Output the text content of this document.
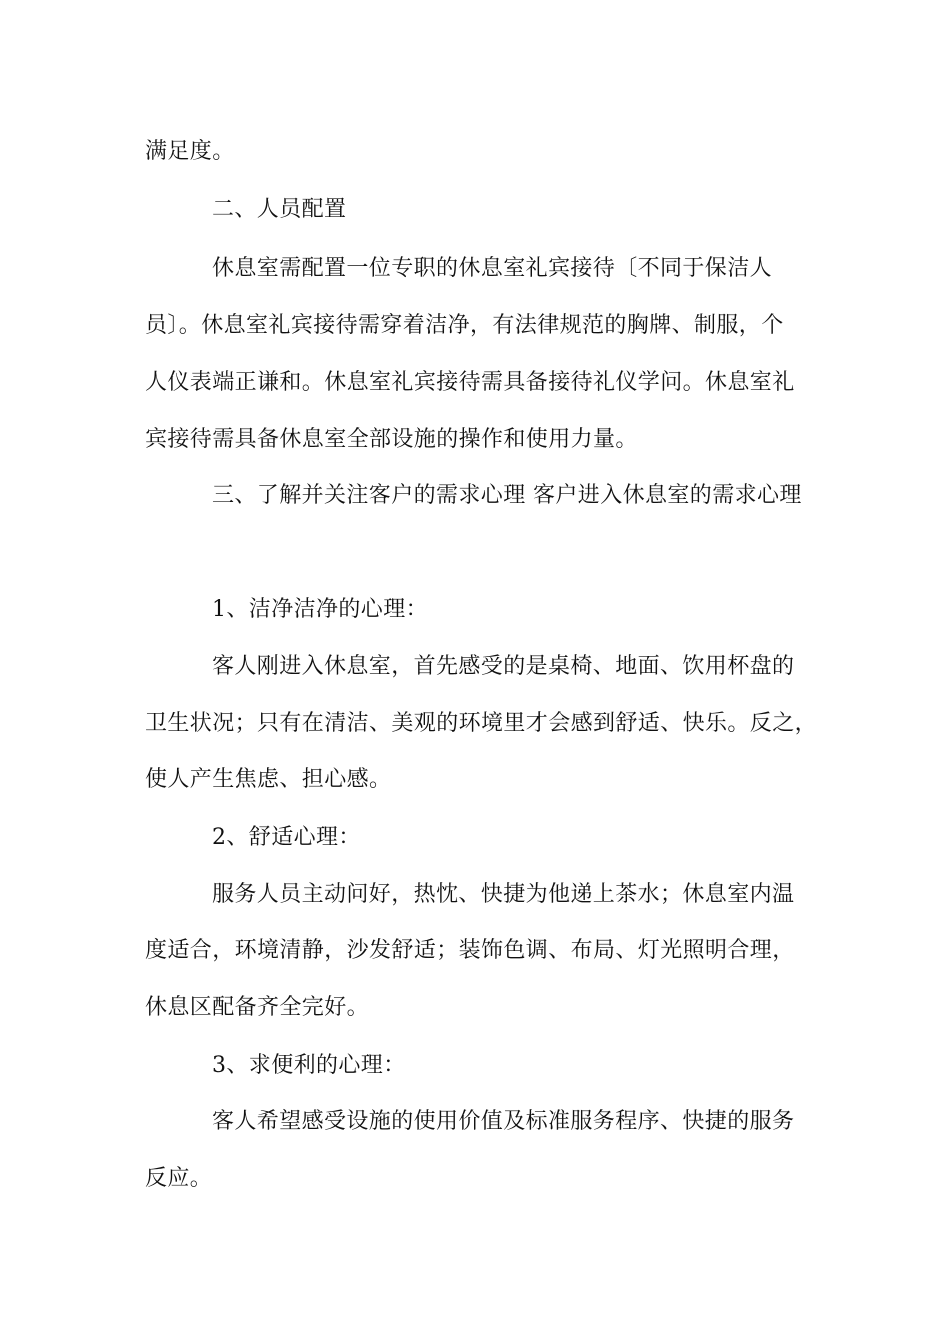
满足度。

二、人员配置

休息室需配置一位专职的休息室礼宾接待〔不同于保洁人

员〕。休息室礼宾接待需穿着洁净，有法律规范的胸牌、制服，个

人仪表端正谦和。休息室礼宾接待需具备接待礼仪学问。休息室礼

宾接待需具备休息室全部设施的操作和使用力量。

三、了解并关注客户的需求心理 客户进入休息室的需求心理

1、洁净洁净的心理：

客人刚进入休息室，首先感受的是桌椅、地面、饮用杯盘的

卫生状况；只有在清洁、美观的环境里才会感到舒适、快乐。反之，

使人产生焦虑、担心感。

2、舒适心理：

服务人员主动问好，热忱、快捷为他递上茶水；休息室内温

度适合，环境清静，沙发舒适；装饰色调、布局、灯光照明合理，

休息区配备齐全完好。

3、求便利的心理：

客人希望感受设施的使用价值及标准服务程序、快捷的服务

反应。
